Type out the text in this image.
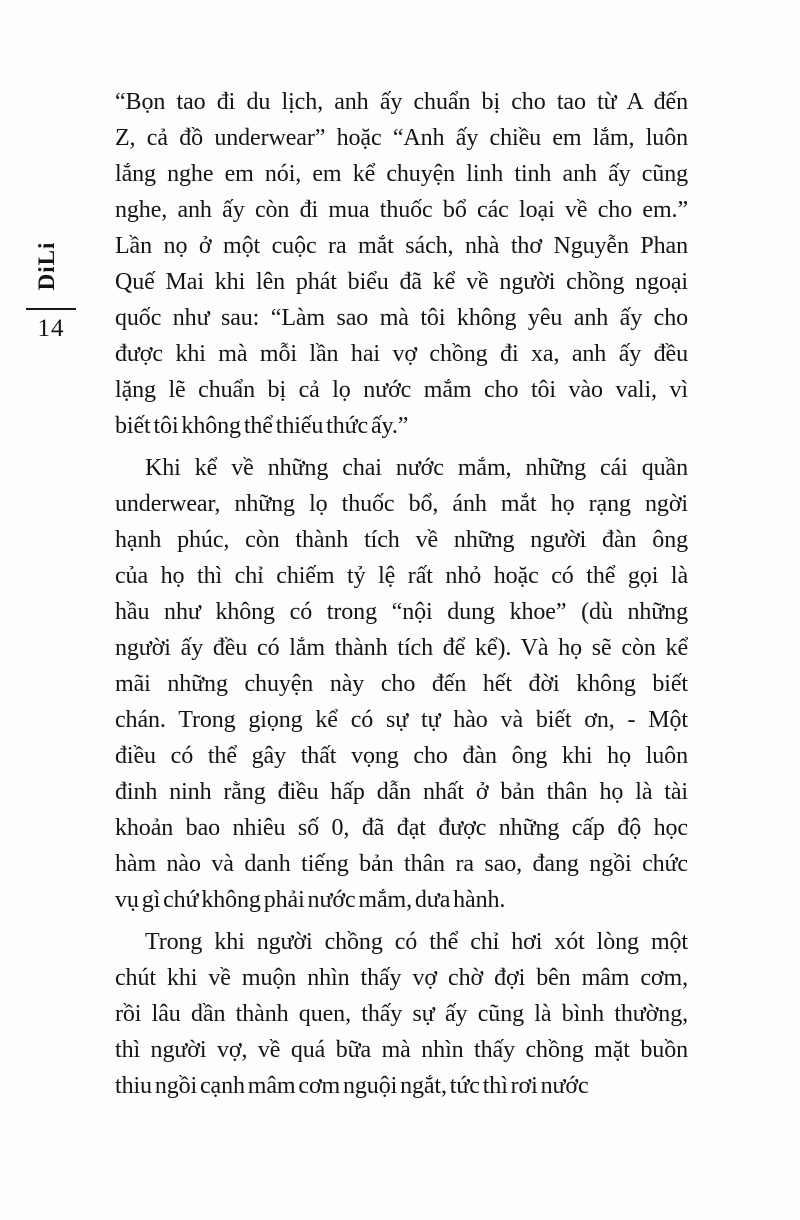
DiLi
14
“Bọn tao đi du lịch, anh ấy chuẩn bị cho tao từ A đến
Z, cả đồ underwear” hoặc “Anh ấy chiều em lắm, luôn
lắng nghe em nói, em kể chuyện linh tinh anh ấy cũng
nghe, anh ấy còn đi mua thuốc bổ các loại về cho em.”
Lần nọ ở một cuộc ra mắt sách, nhà thơ Nguyễn Phan
Quế Mai khi lên phát biểu đã kể về người chồng ngoại
quốc như sau: “Làm sao mà tôi không yêu anh ấy cho
được khi mà mỗi lần hai vợ chồng đi xa, anh ấy đều
lặng lẽ chuẩn bị cả lọ nước mắm cho tôi vào vali, vì
biết tôi không thể thiếu thức ấy.”
Khi kể về những chai nước mắm, những cái quần
underwear, những lọ thuốc bổ, ánh mắt họ rạng ngời
hạnh phúc, còn thành tích về những người đàn ông
của họ thì chỉ chiếm tỷ lệ rất nhỏ hoặc có thể gọi là
hầu như không có trong “nội dung khoe” (dù những
người ấy đều có lắm thành tích để kể). Và họ sẽ còn kể
mãi những chuyện này cho đến hết đời không biết
chán. Trong giọng kể có sự tự hào và biết ơn, - Một
điều có thể gây thất vọng cho đàn ông khi họ luôn
đinh ninh rằng điều hấp dẫn nhất ở bản thân họ là tài
khoản bao nhiêu số 0, đã đạt được những cấp độ học
hàm nào và danh tiếng bản thân ra sao, đang ngồi chức
vụ gì chứ không phải nước mắm, dưa hành.
Trong khi người chồng có thể chỉ hơi xót lòng một
chút khi về muộn nhìn thấy vợ chờ đợi bên mâm cơm,
rồi lâu dần thành quen, thấy sự ấy cũng là bình thường,
thì người vợ, về quá bữa mà nhìn thấy chồng mặt buồn
thiu ngồi cạnh mâm cơm nguội ngắt, tức thì rơi nước
